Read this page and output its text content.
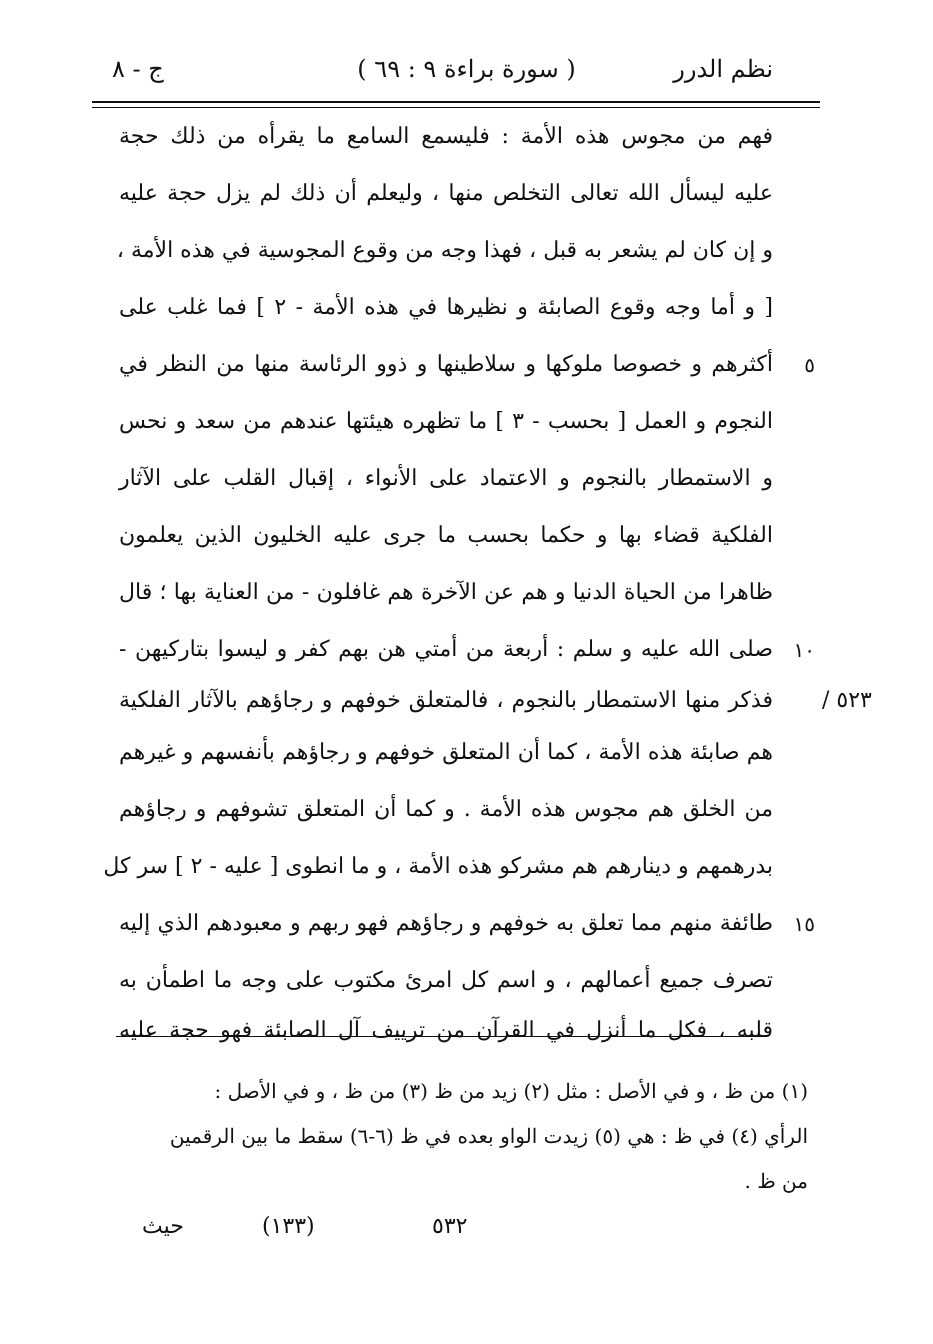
نظم الدرر
( سورة براءة ٩ : ٦٩ )
ج - ٨
فهم من مجوس هذه الأمة : فليسمع السامع ما يقرأه من ذلك حجة
عليه ليسأل الله تعالى التخلص منها ، وليعلم أن ذلك لم يزل حجة عليه
و إن كان لم يشعر به قبل ، فهذا وجه من وقوع المجوسية في هذه الأمة ،
[ و أما وجه وقوع الصابئة و نظيرها في هذه الأمة - ٢ ] فما غلب على
أكثرهم و خصوصا ملوكها و سلاطينها و ذوو الرئاسة منها من النظر في
النجوم و العمل [ بحسب - ٣ ] ما تظهره هيئتها عندهم من سعد و نحس
و الاستمطار بالنجوم و الاعتماد على الأنواء ، إقبال القلب على الآثار
الفلكية قضاء بها و حكما بحسب ما جرى عليه الخليون الذين يعلمون
ظاهرا من الحياة الدنيا و هم عن الآخرة هم غافلون - من العناية بها ؛ قال
صلى الله عليه و سلم : أربعة من أمتي هن بهم كفر و ليسوا بتاركيهن -
فذكر منها الاستمطار بالنجوم ، فالمتعلق خوفهم و رجاؤهم بالآثار الفلكية
هم صابئة هذه الأمة ، كما أن المتعلق خوفهم و رجاؤهم بأنفسهم و غيرهم
من الخلق هم مجوس هذه الأمة . و كما أن المتعلق تشوفهم و رجاؤهم
بدرهمهم و دينارهم هم مشركو هذه الأمة ، و ما انطوى [ عليه - ٢ ] سر كل
طائفة منهم مما تعلق به خوفهم و رجاؤهم فهو ربهم و معبودهم الذي إليه
تصرف جميع أعمالهم ، و اسم كل امرئ مكتوب على وجه ما اطمأن به
قلبه ، فكل ما أنزل في القرآن من ترييف آل الصابئة فهو حجة عليه
٥
١٠
١٥
٥٢٣ /
(١) من ظ ، و في الأصل : مثل (٢) زيد من ظ (٣) من ظ ، و في الأصل :
الرأي (٤) في ظ : هي (٥) زيدت الواو بعده في ظ (٦-٦) سقط ما بين الرقمين
من ظ .
٥٣٢
(١٣٣)
حيث
